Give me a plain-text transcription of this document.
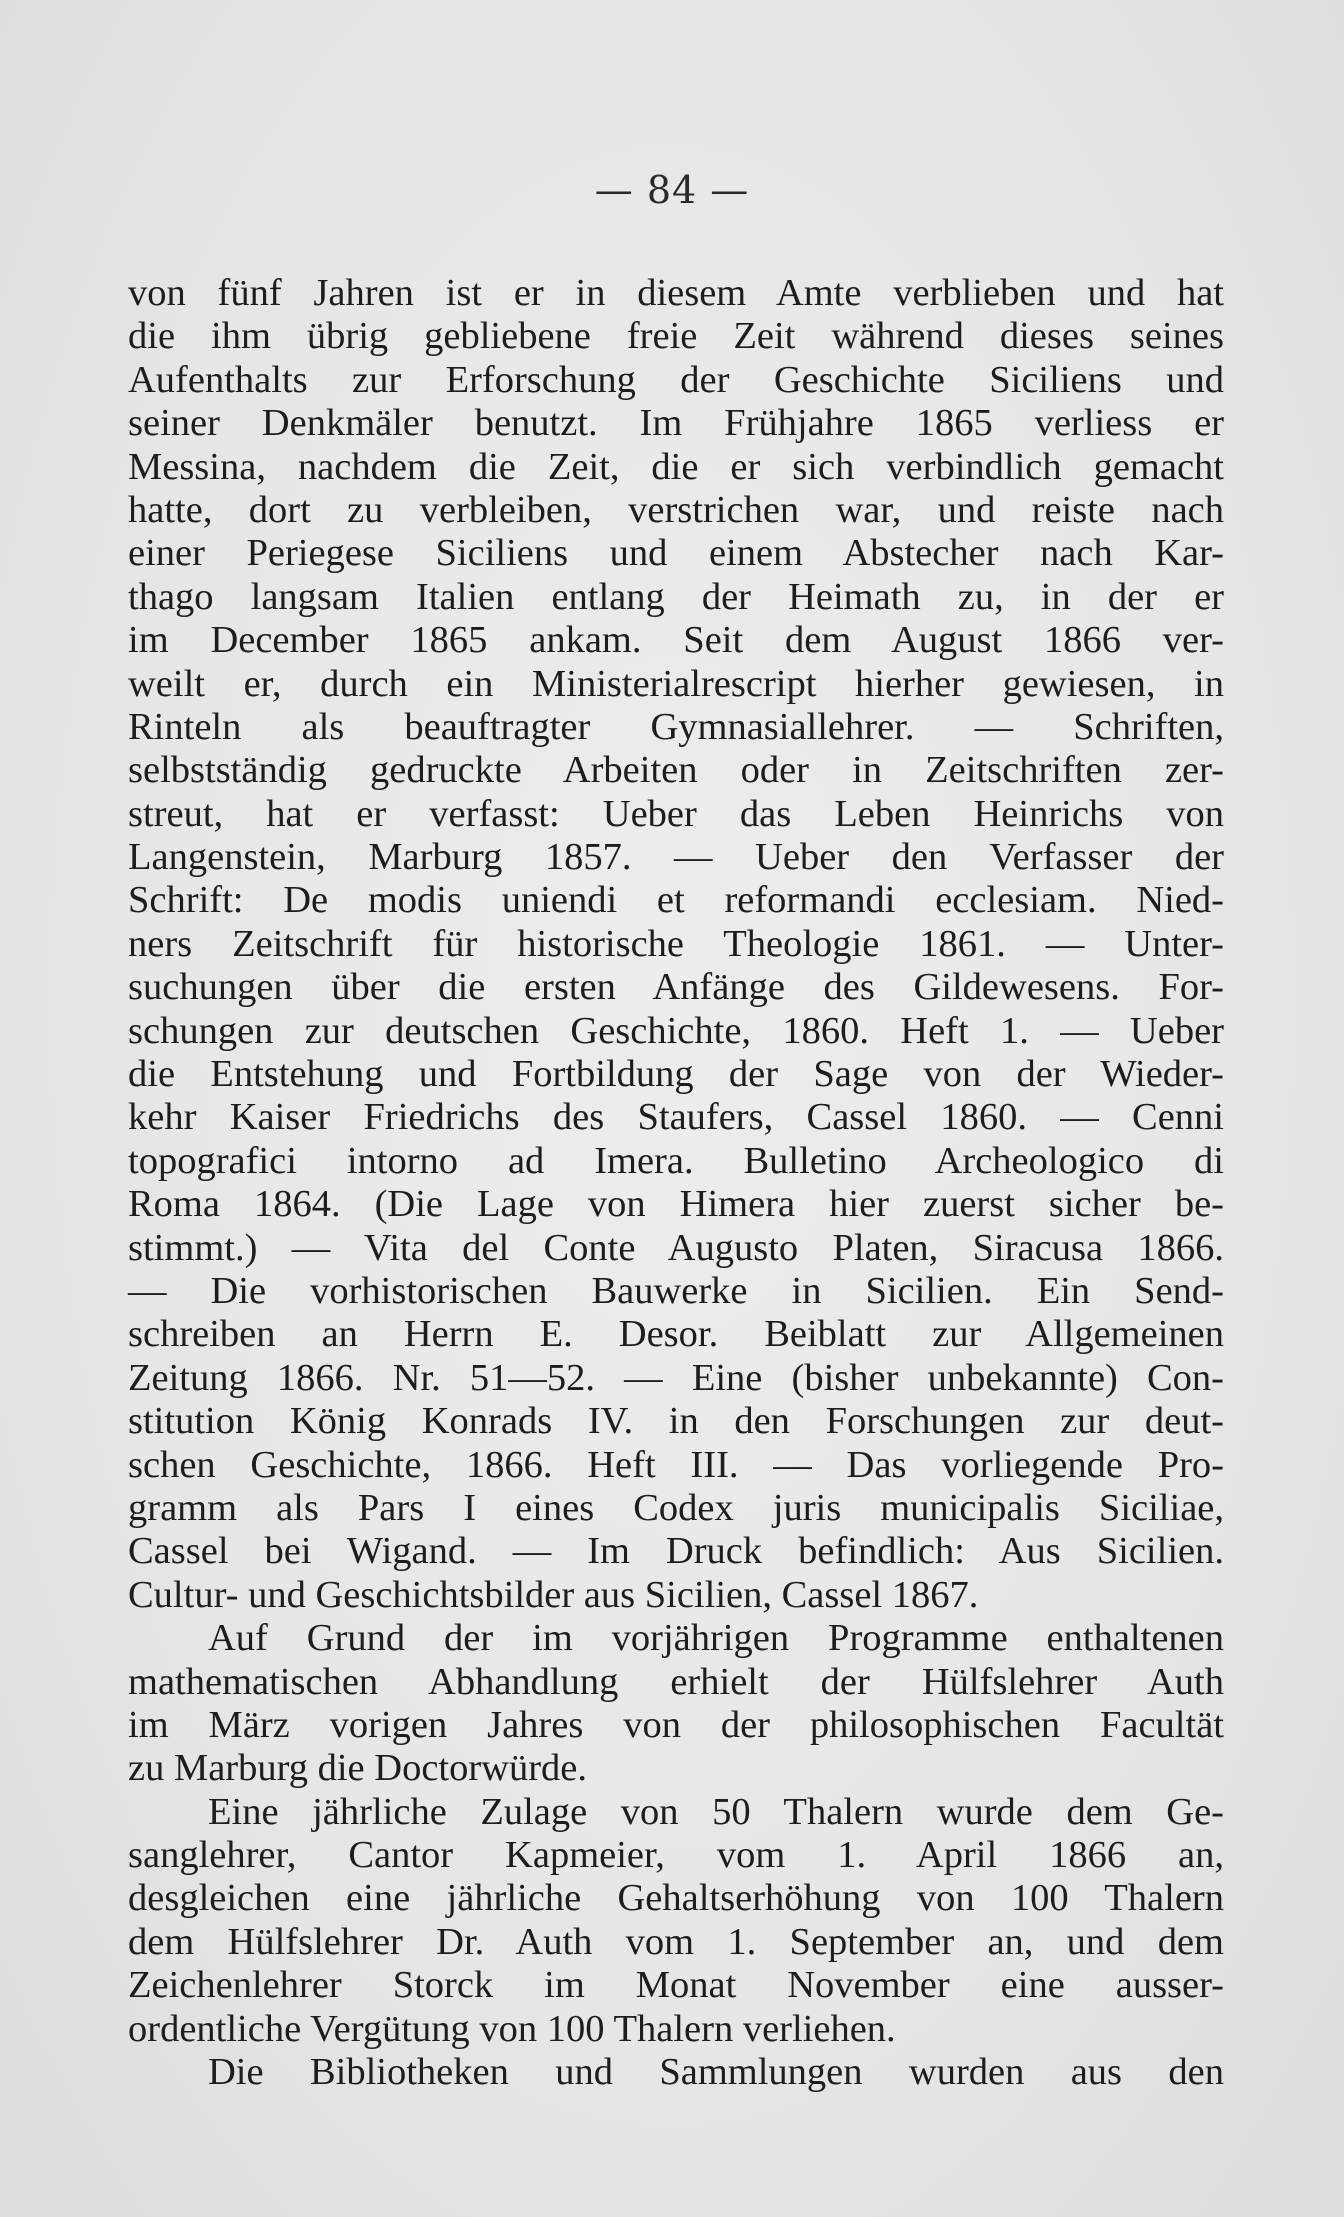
— 84 —
von fünf Jahren ist er in diesem Amte verblieben und hat
die ihm übrig gebliebene freie Zeit während dieses seines
Aufenthalts zur Erforschung der Geschichte Siciliens und
seiner Denkmäler benutzt. Im Frühjahre 1865 verliess er
Messina, nachdem die Zeit, die er sich verbindlich gemacht
hatte, dort zu verbleiben, verstrichen war, und reiste nach
einer Periegese Siciliens und einem Abstecher nach Kar-
thago langsam Italien entlang der Heimath zu, in der er
im December 1865 ankam. Seit dem August 1866 ver-
weilt er, durch ein Ministerialrescript hierher gewiesen, in
Rinteln als beauftragter Gymnasiallehrer. — Schriften,
selbstständig gedruckte Arbeiten oder in Zeitschriften zer-
streut, hat er verfasst: Ueber das Leben Heinrichs von
Langenstein, Marburg 1857. — Ueber den Verfasser der
Schrift: De modis uniendi et reformandi ecclesiam. Nied-
ners Zeitschrift für historische Theologie 1861. — Unter-
suchungen über die ersten Anfänge des Gildewesens. For-
schungen zur deutschen Geschichte, 1860. Heft 1. — Ueber
die Entstehung und Fortbildung der Sage von der Wieder-
kehr Kaiser Friedrichs des Staufers, Cassel 1860. — Cenni
topografici intorno ad Imera. Bulletino Archeologico di
Roma 1864. (Die Lage von Himera hier zuerst sicher be-
stimmt.) — Vita del Conte Augusto Platen, Siracusa 1866.
— Die vorhistorischen Bauwerke in Sicilien. Ein Send-
schreiben an Herrn E. Desor. Beiblatt zur Allgemeinen
Zeitung 1866. Nr. 51—52. — Eine (bisher unbekannte) Con-
stitution König Konrads IV. in den Forschungen zur deut-
schen Geschichte, 1866. Heft III. — Das vorliegende Pro-
gramm als Pars I eines Codex juris municipalis Siciliae,
Cassel bei Wigand. — Im Druck befindlich: Aus Sicilien.
Cultur- und Geschichtsbilder aus Sicilien, Cassel 1867.
Auf Grund der im vorjährigen Programme enthaltenen
mathematischen Abhandlung erhielt der Hülfslehrer Auth
im März vorigen Jahres von der philosophischen Facultät
zu Marburg die Doctorwürde.
Eine jährliche Zulage von 50 Thalern wurde dem Ge-
sanglehrer, Cantor Kapmeier, vom 1. April 1866 an,
desgleichen eine jährliche Gehaltserhöhung von 100 Thalern
dem Hülfslehrer Dr. Auth vom 1. September an, und dem
Zeichenlehrer Storck im Monat November eine ausser-
ordentliche Vergütung von 100 Thalern verliehen.
Die Bibliotheken und Sammlungen wurden aus den
